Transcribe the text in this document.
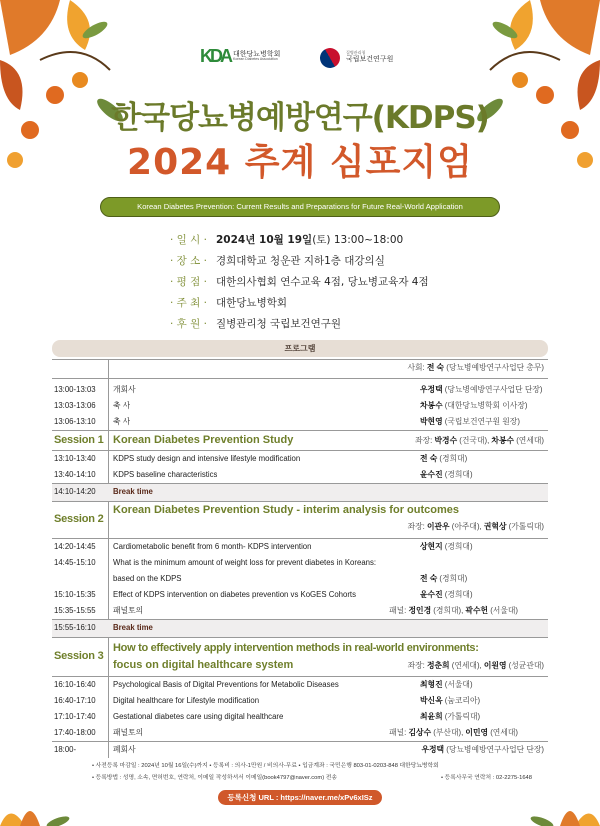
KDA 대한당뇨병학회
Korean Diabetes Association
질병관리청
국립보건연구원
한국당뇨병예방연구(KDPS)
2024 추계 심포지엄
Korean Diabetes Prevention: Current Results and Preparations for Future Real-World Application
· 일 시 · 2024년 10월 19일(토) 13:00~18:00
· 장 소 · 경희대학교 청운관 지하1층 대강의실
· 평 점 · 대한의사협회 연수교육 4점, 당뇨병교육자 4점
· 주 최 · 대한당뇨병학회
· 후 원 · 질병관리청 국립보건연구원
프로그램
사회: 전 숙 (당뇨병예방연구사업단 총무)
13:00-13:03	개회사	우정택 (당뇨병예방연구사업단 단장)
13:03-13:06	축 사	차봉수 (대한당뇨병학회 이사장)
13:06-13:10	축 사	박현영 (국립보건연구원 원장)
Session 1 Korean Diabetes Prevention Study	좌장: 박경수 (건국대), 차봉수 (연세대)
13:10-13:40	KDPS study design and intensive lifestyle modification	전 숙 (경희대)
13:40-14:10	KDPS baseline characteristics	윤수진 (경희대)
14:10-14:20	Break time
Session 2
Korean Diabetes Prevention Study - interim analysis for outcomes
좌장: 이관우 (아주대), 권혁상 (가톨릭대)
14:20-14:45	Cardiometabolic benefit from 6 month- KDPS intervention	상현지 (경희대)
14:45-15:10	What is the minimum amount of weight loss for prevent diabetes in Koreans:
based on the KDPS	전 숙 (경희대)
15:10-15:35	Effect of KDPS intervention on diabetes prevention vs KoGES Cohorts	윤수진 (경희대)
15:35-15:55	패널토의	패널: 정인경 (경희대), 곽수헌 (서울대)
15:55-16:10	Break time
Session 3
How to effectively apply intervention methods in real-world environments:
focus on digital healthcare system	좌장: 정춘희 (연세대), 이원영 (성균관대)
16:10-16:40	Psychological Basis of Digital Preventions for Metabolic Diseases	최형진 (서울대)
16:40-17:10	Digital healthcare for Lifestyle modification	박신옥 (눔코리아)
17:10-17:40	Gestational diabetes care using digital healthcare	최윤희 (가톨릭대)
17:40-18:00	패널토의	패널: 김상수 (부산대), 이민영 (연세대)
18:00-	폐회사	우정택 (당뇨병예방연구사업단 단장)
• 사전등록 마감일 : 2024년 10월 16일(수)까지 • 등록비 : 의사-1만원 / 비의사-무료 • 입금계좌 : 국민은행 803-01-0203-848 대한당뇨병학회
• 등록방법 : 성명, 소속, 면허번호, 연락처, 이메일 작성하셔서 이메일(book4797@naver.com) 전송	• 등록사무국 연락처 : 02-2275-1648
등록신청 URL : https://naver.me/xPv6xISz
